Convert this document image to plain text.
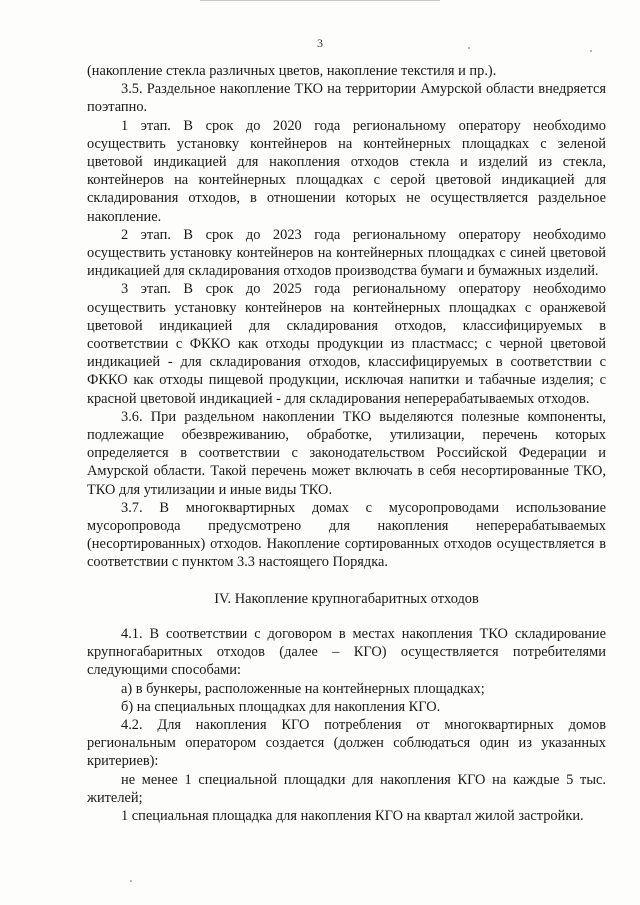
3

(накопление стекла различных цветов, накопление текстиля и пр.).

3.5. Раздельное накопление ТКО на территории Амурской области внедряется поэтапно.

1 этап. В срок до 2020 года региональному оператору необходимо осуществить установку контейнеров на контейнерных площадках с зеленой цветовой индикацией для накопления отходов стекла и изделий из стекла, контейнеров на контейнерных площадках с серой цветовой индикацией для складирования отходов, в отношении которых не осуществляется раздельное накопление.

2 этап. В срок до 2023 года региональному оператору необходимо осуществить установку контейнеров на контейнерных площадках с синей цветовой индикацией для складирования отходов производства бумаги и бумажных изделий.

3 этап. В срок до 2025 года региональному оператору необходимо осуществить установку контейнеров на контейнерных площадках с оранжевой цветовой индикацией для складирования отходов, классифицируемых в соответствии с ФККО как отходы продукции из пластмасс; с черной цветовой индикацией - для складирования отходов, классифицируемых в соответствии с ФККО как отходы пищевой продукции, исключая напитки и табачные изделия; с красной цветовой индикацией - для складирования неперерабатываемых отходов.

3.6. При раздельном накоплении ТКО выделяются полезные компоненты, подлежащие обезвреживанию, обработке, утилизации, перечень которых определяется в соответствии с законодательством Российской Федерации и Амурской области. Такой перечень может включать в себя несортированные ТКО, ТКО для утилизации и иные виды ТКО.

3.7. В многоквартирных домах с мусоропроводами использование мусоропровода предусмотрено для накопления неперерабатываемых (несортированных) отходов. Накопление сортированных отходов осуществляется в соответствии с пунктом 3.3 настоящего Порядка.

IV. Накопление крупногабаритных отходов

4.1. В соответствии с договором в местах накопления ТКО складирование крупногабаритных отходов (далее – КГО) осуществляется потребителями следующими способами:

а) в бункеры, расположенные на контейнерных площадках;

б) на специальных площадках для накопления КГО.

4.2. Для накопления КГО потребления от многоквартирных домов региональным оператором создается (должен соблюдаться один из указанных критериев):

не менее 1 специальной площадки для накопления КГО на каждые 5 тыс. жителей;

1 специальная площадка для накопления КГО на квартал жилой застройки.
